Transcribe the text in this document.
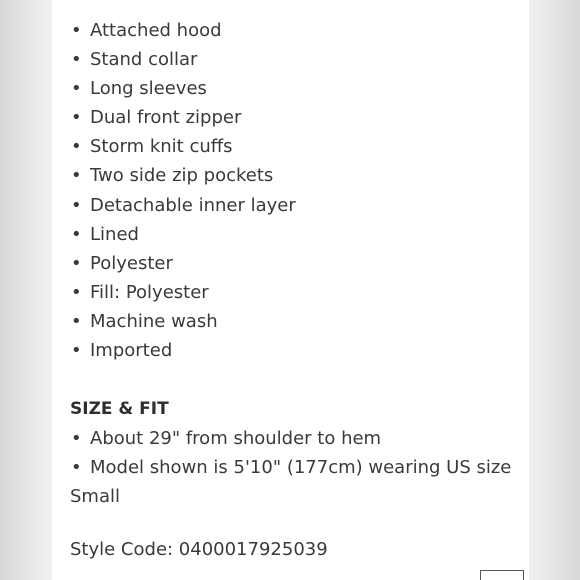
• Attached hood
• Stand collar
• Long sleeves
• Dual front zipper
• Storm knit cuffs
• Two side zip pockets
• Detachable inner layer
• Lined
• Polyester
• Fill: Polyester
• Machine wash
• Imported
SIZE & FIT
• About 29" from shoulder to hem
• Model shown is 5'10" (177cm) wearing US size Small
Style Code: 0400017925039
